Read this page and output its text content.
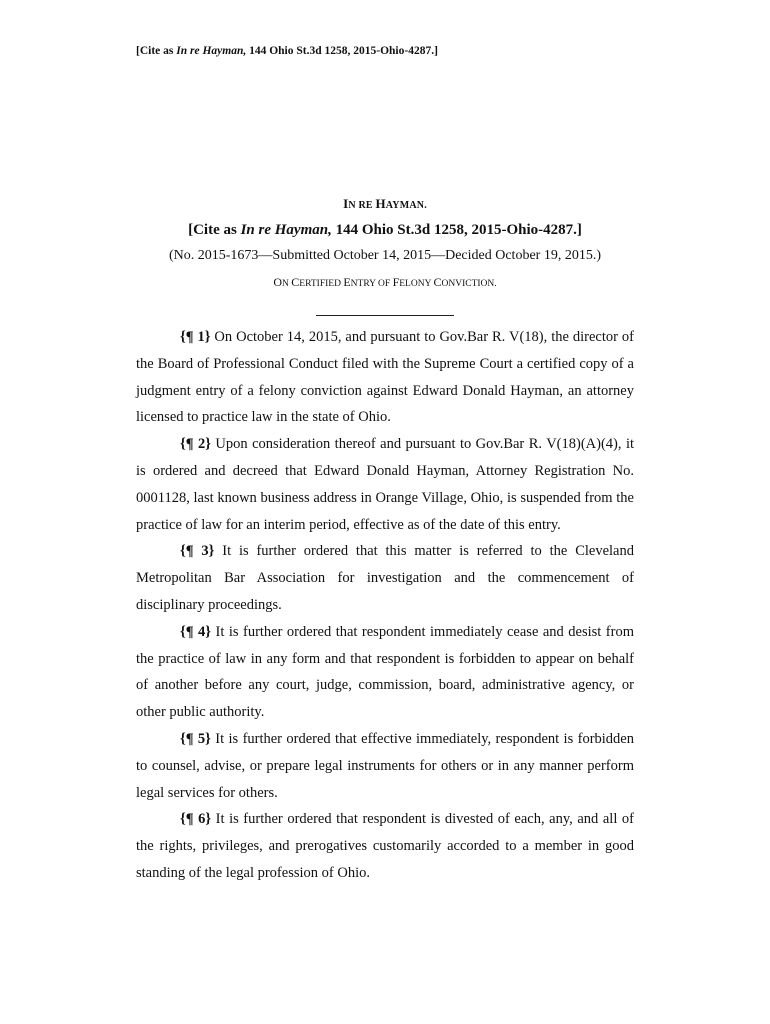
[Cite as In re Hayman, 144 Ohio St.3d 1258, 2015-Ohio-4287.]
IN RE HAYMAN.
[Cite as In re Hayman, 144 Ohio St.3d 1258, 2015-Ohio-4287.]
(No. 2015-1673—Submitted October 14, 2015—Decided October 19, 2015.)
ON CERTIFIED ENTRY OF FELONY CONVICTION.

{¶ 1} On October 14, 2015, and pursuant to Gov.Bar R. V(18), the director of the Board of Professional Conduct filed with the Supreme Court a certified copy of a judgment entry of a felony conviction against Edward Donald Hayman, an attorney licensed to practice law in the state of Ohio.

{¶ 2} Upon consideration thereof and pursuant to Gov.Bar R. V(18)(A)(4), it is ordered and decreed that Edward Donald Hayman, Attorney Registration No. 0001128, last known business address in Orange Village, Ohio, is suspended from the practice of law for an interim period, effective as of the date of this entry.

{¶ 3} It is further ordered that this matter is referred to the Cleveland Metropolitan Bar Association for investigation and the commencement of disciplinary proceedings.

{¶ 4} It is further ordered that respondent immediately cease and desist from the practice of law in any form and that respondent is forbidden to appear on behalf of another before any court, judge, commission, board, administrative agency, or other public authority.

{¶ 5} It is further ordered that effective immediately, respondent is forbidden to counsel, advise, or prepare legal instruments for others or in any manner perform legal services for others.

{¶ 6} It is further ordered that respondent is divested of each, any, and all of the rights, privileges, and prerogatives customarily accorded to a member in good standing of the legal profession of Ohio.
